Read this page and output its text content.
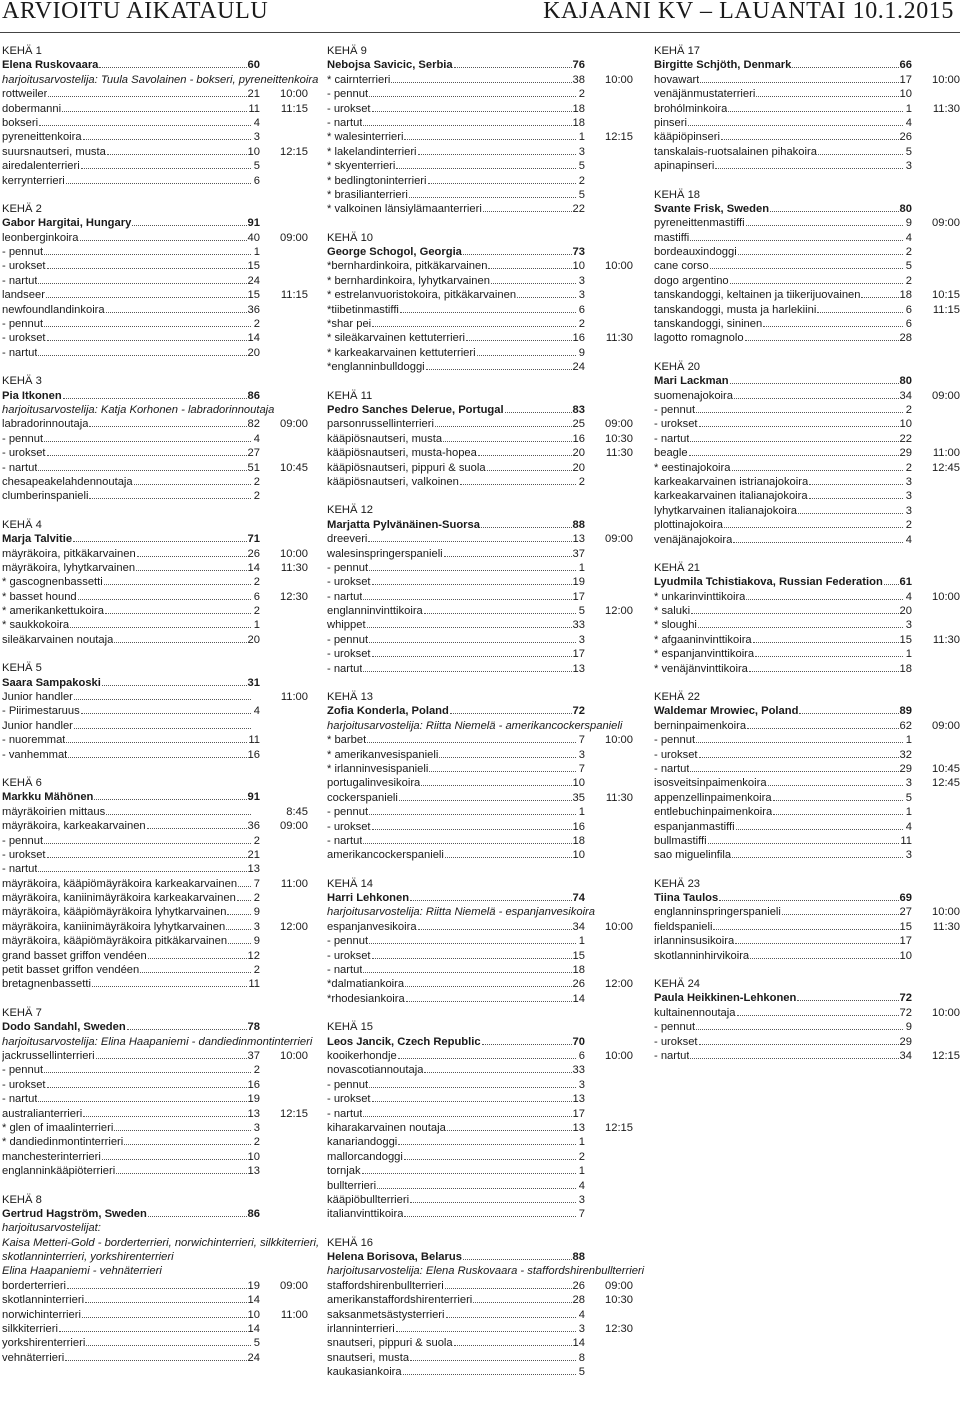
ARVIOITU AIKATAULU	KAJAANI KV – LAUANTAI 10.1.2015
KEHÄ 1
Elena Ruskovaara	60
harjoitusarvostelija: Tuula Savolainen - bokseri, pyreneittenkoira
rottweiler	21	10:00
dobermanni	11	11:15
bokseri	4
pyreneittenkoira	3
suursnautseri, musta	10	12:15
airedalenterrieri	5
kerrynterrieri	6
KEHÄ 2
Gabor Hargitai, Hungary	91
leonberginkoira	40	09:00
- pennut	1
- urokset	15
- nartut	24
landseer	15	11:15
newfoundlandinkoira	36
- pennut	2
- urokset	14
- nartut	20
KEHÄ 3
Pia Itkonen	86
harjoitusarvostelija: Katja Korhonen - labradorinnoutaja
labradorinnoutaja	82	09:00
- pennut	4
- urokset	27
- nartut	51	10:45
chesapeakelahdennoutaja	2
clumberinspanieli	2
KEHÄ 4
Marja Talvitie	71
mäyräkoira, pitkäkarvainen	26	10:00
mäyräkoira, lyhytkarvainen	14	11:30
* gascognenbassetti	2
* basset hound	6	12:30
* amerikankettukoira	2
* saukkokoira	1
sileäkarvainen noutaja	20
KEHÄ 5
Saara Sampakoski	31
Junior handler	11:00
- Piirimestaruus	4
Junior handler
- nuoremmat	11
- vanhemmat	16
KEHÄ 6
Markku Mähönen	91
mäyräkoirien mittaus	8:45
mäyräkoira, karkeakarvainen	36	09:00
- pennut	2
- urokset	21
- nartut	13
mäyräkoira, kääpiömäyräkoira karkeakarvainen 7	11:00
mäyräkoira, kaniinimäyräkoira karkeakarvainen 2
mäyräkoira, kääpiömäyräkoira lyhytkarvainen 9
mäyräkoira, kaniinimäyräkoira lyhytkarvainen	3	12:00
mäyräkoira, kääpiömäyräkoira pitkäkarvainen 9
grand basset griffon vendéen	12
petit basset griffon vendéen	2
bretagnenbassetti	11
KEHÄ 7
Dodo Sandahl, Sweden	78
harjoitusarvostelija: Elina Haapaniemi - dandiedinmontinterrieri
jackrussellinterrieri	37	10:00
- pennut	2
- urokset	16
- nartut	19
australianterrieri	13	12:15
* glen of imaalinterrieri	3
* dandiedinmontinterrieri	2
manchesterinterrieri	10
englanninkääpiöterrieri	13
KEHÄ 8
Gertrud Hagström, Sweden	86
harjoitusarvostelijat:
Kaisa Metteri-Gold - borderterrieri, norwichinterrieri, silkkiterrieri,
skotlanninterrieri, yorkshirenterrieri
Elina Haapaniemi - vehnäterrieri
borderterrieri	19	09:00
skotlanninterrieri	14
norwichinterrieri	10	11:00
silkkiterrieri	14
yorkshirenterrieri	5
vehnäterrieri	24
KEHÄ 9
Nebojsa Savicic, Serbia	76
* cairnterrieri	38	10:00
- pennut	2
- urokset	18
- nartut	18
* walesinterrieri	1	12:15
* lakelandinterrieri	3
* skyenterrieri	5
* bedlingtoninterrieri	2
* brasilianterrieri	5
* valkoinen länsiylämaanterrieri	22
KEHÄ 10
George Schogol, Georgia	73
*bernhardinkoira, pitkäkarvainen	10	10:00
* bernhardinkoira, lyhytkarvainen	3
* estrelanvuoristokoira, pitkäkarvainen	3
*tiibetinmastiffi	6
*shar pei	2
* sileäkarvainen kettuterrieri	16	11:30
* karkeakarvainen kettuterrieri	9
*englanninbulldoggi	24
KEHÄ 11
Pedro Sanches Delerue, Portugal	83
parsonrussellinterrieri	25	09:00
kääpiösnautseri, musta	16	10:30
kääpiösnautseri, musta-hopea	20	11:30
kääpiösnautseri, pippuri & suola	20
kääpiösnautseri, valkoinen	2
KEHÄ 12
Marjatta Pylvänäinen-Suorsa	88
dreeveri	13	09:00
walesinspringerspanieli	37
- pennut	1
- urokset	19
- nartut	17
englanninvinttikoira	5	12:00
whippet	33
- pennut	3
- urokset	17
- nartut	13
KEHÄ 13
Zofia Konderla, Poland	72
harjoitusarvostelija: Riitta Niemelä - amerikancockerspanieli
* barbet	7	10:00
* amerikanvesispanieli	3
* irlanninvesispanieli	7
portugalinvesikoira	10
cockerspanieli	35	11:30
- pennut	1
- urokset	16
- nartut	18
amerikancockerspanieli	10
KEHÄ 14
Harri Lehkonen	74
harjoitusarvostelija: Riitta Niemelä - espanjanvesikoira
espanjanvesikoira	34	10:00
- pennut	1
- urokset	15
- nartut	18
*dalmatiankoira	26	12:00
*rhodesiankoira	14
KEHÄ 15
Leos Jancik, Czech Republic	70
kooikerhondje	6	10:00
novascotiannoutaja	33
- pennut	3
- urokset	13
- nartut	17
kiharakarvainen noutaja	13	12:15
kanariandoggi	1
mallorcandoggi	2
tornjak	1
bullterrieri	4
kääpiöbullterrieri	3
italianvinttikoira	7
KEHÄ 16
Helena Borisova, Belarus	88
harjoitusarvostelija: Elena Ruskovaara - staffordshirenbullterrieri
staffordshirenbullterrieri	26	09:00
amerikanstaffordshirenterrieri	28	10:30
saksanmetsästysterrieri	4
irlanninterrieri	3	12:30
snautseri, pippuri & suola	14
snautseri, musta	8
kaukasiankoira	5
KEHÄ 17
Birgitte Schjöth, Denmark	66
hovawart	17	10:00
venäjänmustaterrieri	10
brohólminkoira	1	11:30
pinseri	4
kääpiöpinseri	26
tanskalais-ruotsalainen pihakoira	5
apinapinseri	3
KEHÄ 18
Svante Frisk, Sweden	80
pyreneittenmastiffi	9	09:00
mastiffi	4
bordeauxindoggi	2
cane corso	5
dogo argentino	2
tanskandoggi, keltainen ja tiikerijuovainen	18	10:15
tanskandoggi, musta ja harlekiini	6	11:15
tanskandoggi, sininen	6
lagotto romagnolo	28
KEHÄ 20
Mari Lackman	80
suomenajokoira	34	09:00
- pennut	2
- urokset	10
- nartut	22
beagle	29	11:00
* eestinajokoira	2	12:45
karkeakarvainen istrianajokoira	3
karkeakarvainen italianajokoira	3
lyhytkarvainen italianajokoira	3
plottinajokoira	2
venäjänajokoira	4
KEHÄ 21
Lyudmila Tchistiakova, Russian Federation 61
* unkarinvinttikoira	4	10:00
* saluki	20
* sloughi	3
* afgaaninvinttikoira	15	11:30
* espanjanvinttikoira	1
* venäjänvinttikoira	18
KEHÄ 22
Waldemar Mrowiec, Poland	89
berninpaimenkoira	62	09:00
- pennut	1
- urokset	32
- nartut	29	10:45
isosveitsinpaimenkoira	3	12:45
appenzellinpaimenkoira	5
entlebuchinpaimenkoira	1
espanjanmastiffi	4
bullmastiffi	11
sao miguelinfila	3
KEHÄ 23
Tiina Taulos	69
englanninspringerspanieli	27	10:00
fieldspanieli	15	11:30
irlanninsusikoira	17
skotlanninhirvikoira	10
KEHÄ 24
Paula Heikkinen-Lehkonen	72
kultainennoutaja	72	10:00
- pennut	9
- urokset	29
- nartut	34	12:15
